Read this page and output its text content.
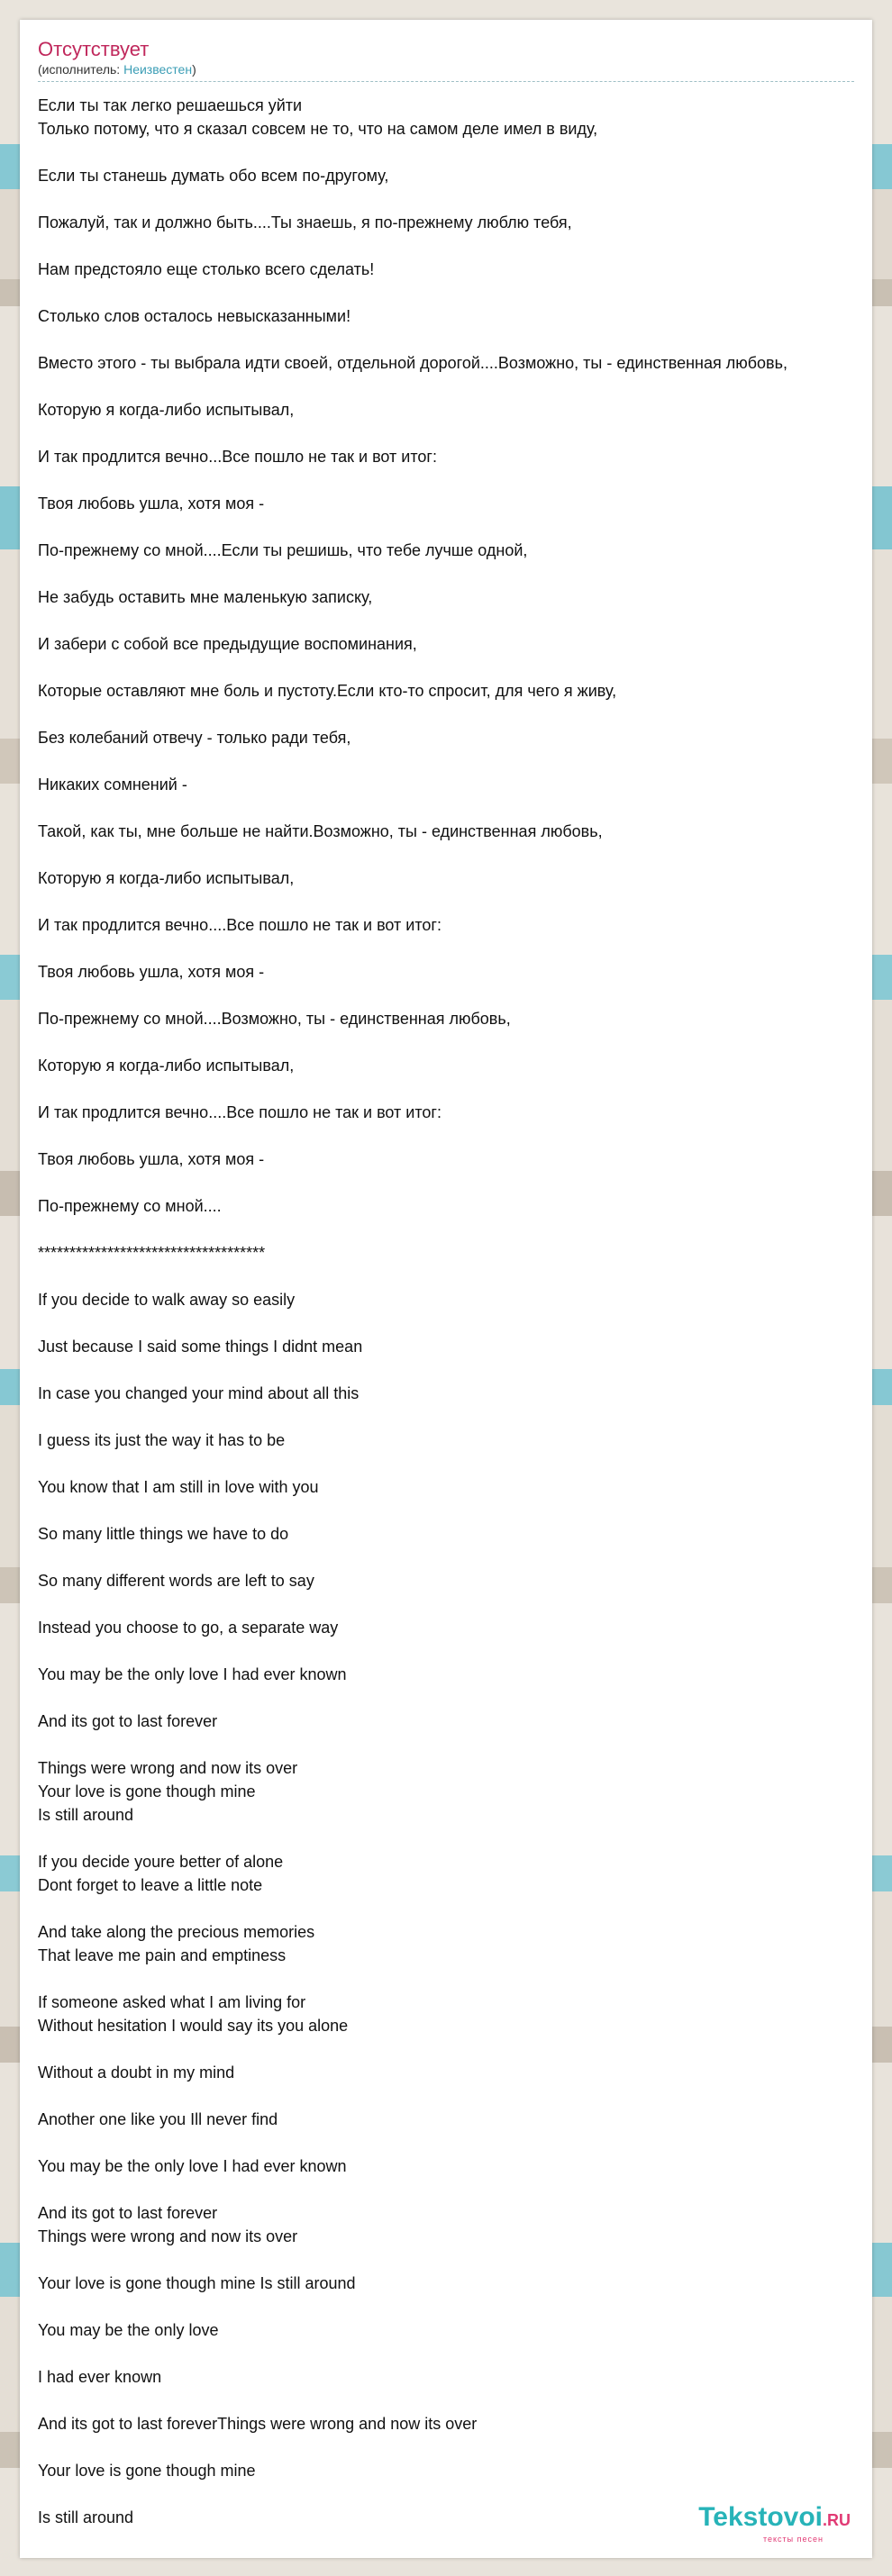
Отсутствует
(исполнитель: Неизвестен)
Если ты так легко решаешься уйти
Только потому, что я сказал совсем не то, что на самом деле имел в виду,
Если ты станешь думать обо всем по-другому,
Пожалуй, так и должно быть....Ты знаешь, я по-прежнему люблю тебя,
Нам предстояло еще столько всего сделать!
Столько слов осталось невысказанными!
Вместо этого - ты выбрала идти своей, отдельной дорогой....Возможно, ты - единственная любовь,
Которую я когда-либо испытывал,
И так продлится вечно...Все пошло не так и вот итог:
Твоя любовь ушла, хотя моя -
По-прежнему со мной....Если ты решишь, что тебе лучше одной,
Не забудь оставить мне маленькую записку,
И забери с собой все предыдущие воспоминания,
Которые оставляют мне боль и пустоту.Если кто-то спросит, для чего я живу,
Без колебаний отвечу - только ради тебя,
Никаких сомнений -
Такой, как ты, мне больше не найти.Возможно, ты - единственная любовь,
Которую я когда-либо испытывал,
И так продлится вечно....Все пошло не так и вот итог:
Твоя любовь ушла, хотя моя -
По-прежнему со мной....Возможно, ты - единственная любовь,
Которую я когда-либо испытывал,
И так продлится вечно....Все пошло не так и вот итог:
Твоя любовь ушла, хотя моя -
По-прежнему со мной....
************************************
If you decide to walk away so easily
Just because I said some things I didnt mean
In case you changed your mind about all this
I guess its just the way it has to be
You know that I am still in love with you
So many little things we have to do
So many different words are left to say
Instead you choose to go, a separate way
You may be the only love I had ever known
And its got to last forever
Things were wrong and now its over
Your love is gone though mine
Is still around
If you decide youre better of alone
Dont forget to leave a little note
And take along the precious memories
That leave me pain and emptiness
If someone asked what I am living for
Without hesitation I would say its you alone
Without a doubt in my mind
Another one like you Ill never find
You may be the only love I had ever known
And its got to last forever
Things were wrong and now its over
Your love is gone though mine Is still around
You may be the only love
I had ever known
And its got to last foreverThings were wrong and now its over
Your love is gone though mine
Is still around	Tekstovoi.RU
тексты песен
